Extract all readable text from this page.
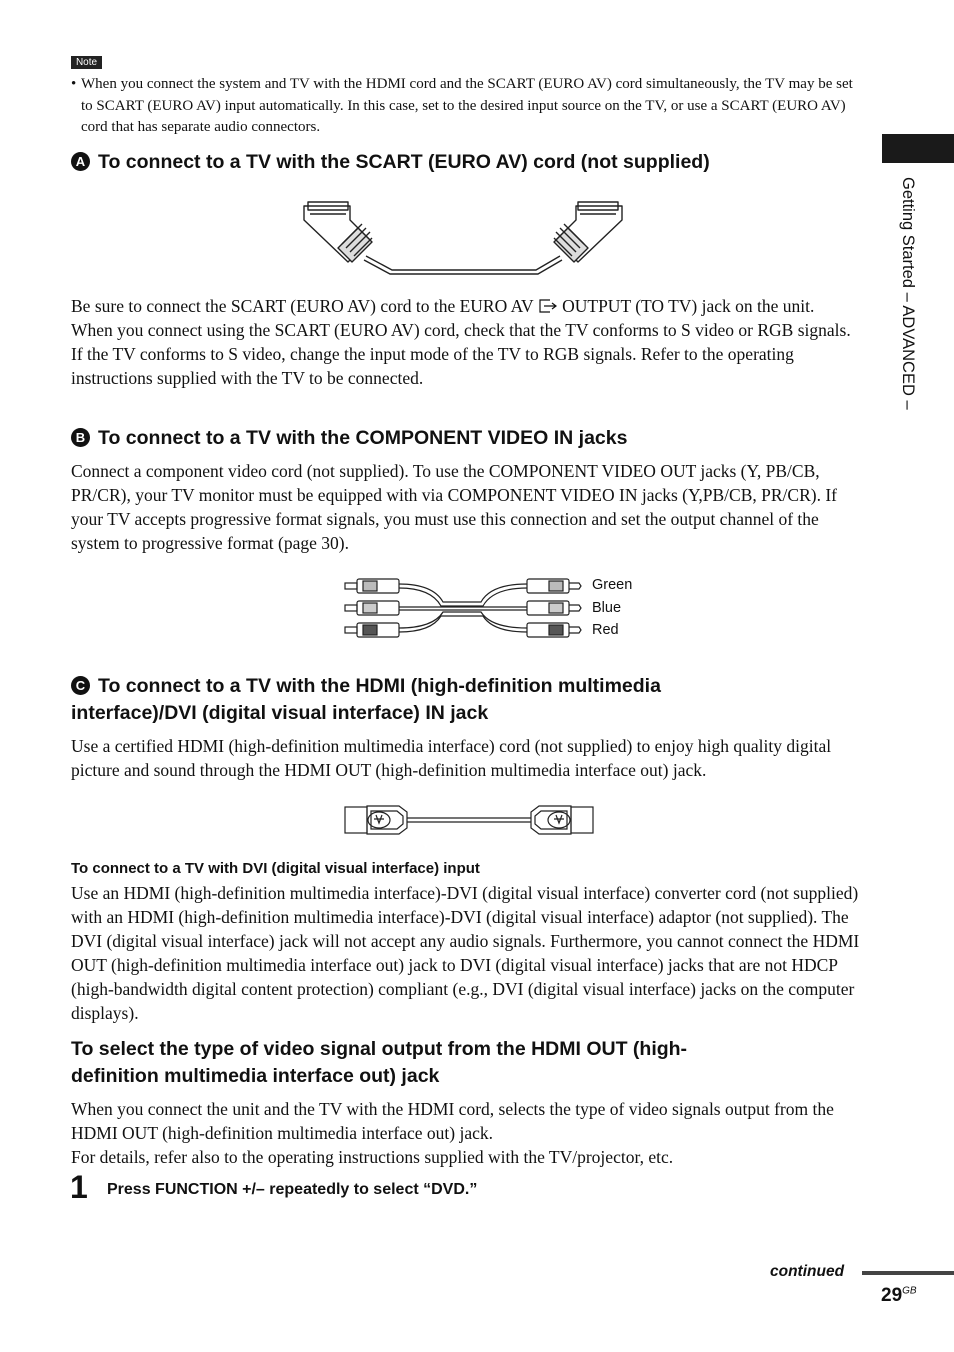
Note
• When you connect the system and TV with the HDMI cord and the SCART (EURO AV) cord simultaneously, the TV may be set to SCART (EURO AV) input automatically. In this case, set to the desired input source on the TV, or use a SCART (EURO AV) cord that has separate audio connectors.
Getting Started – ADVANCED –
A To connect to a TV with the SCART (EURO AV) cord (not supplied)

Be sure to connect the SCART (EURO AV) cord to the EURO AV OUTPUT (TO TV) jack on the unit.

When you connect using the SCART (EURO AV) cord, check that the TV conforms to S video or RGB signals. If the TV conforms to S video, change the input mode of the TV to RGB signals. Refer to the operating instructions supplied with the TV to be connected.

B To connect to a TV with the COMPONENT VIDEO IN jacks
Connect a component video cord (not supplied). To use the COMPONENT VIDEO OUT jacks (Y, PB/CB, PR/CR), your TV monitor must be equipped with via COMPONENT VIDEO IN jacks (Y,PB/CB, PR/CR). If your TV accepts progressive format signals, you must use this connection and set the output channel of the system to progressive format (page 30).
Green
Blue
Red
C To connect to a TV with the HDMI (high-definition multimedia
interface)/DVI (digital visual interface) IN jack
Use a certified HDMI (high-definition multimedia interface) cord (not supplied) to enjoy high quality digital picture and sound through the HDMI OUT (high-definition multimedia interface out) jack.
To connect to a TV with DVI (digital visual interface) input
Use an HDMI (high-definition multimedia interface)-DVI (digital visual interface) converter cord (not supplied) with an HDMI (high-definition multimedia interface)-DVI (digital visual interface) adaptor (not supplied). The DVI (digital visual interface) jack will not accept any audio signals. Furthermore, you cannot connect the HDMI OUT (high-definition multimedia interface out) jack to DVI (digital visual interface) jacks that are not HDCP (high-bandwidth digital content protection) compliant (e.g., DVI (digital visual interface) jacks on the computer displays).
To select the type of video signal output from the HDMI OUT (high-
definition multimedia interface out) jack

When you connect the unit and the TV with the HDMI cord, selects the type of video signals output from the HDMI OUT (high-definition multimedia interface out) jack.

For details, refer also to the operating instructions supplied with the TV/projector, etc.

1 Press FUNCTION +/– repeatedly to select “DVD.”
continued
$29^{GB}$
